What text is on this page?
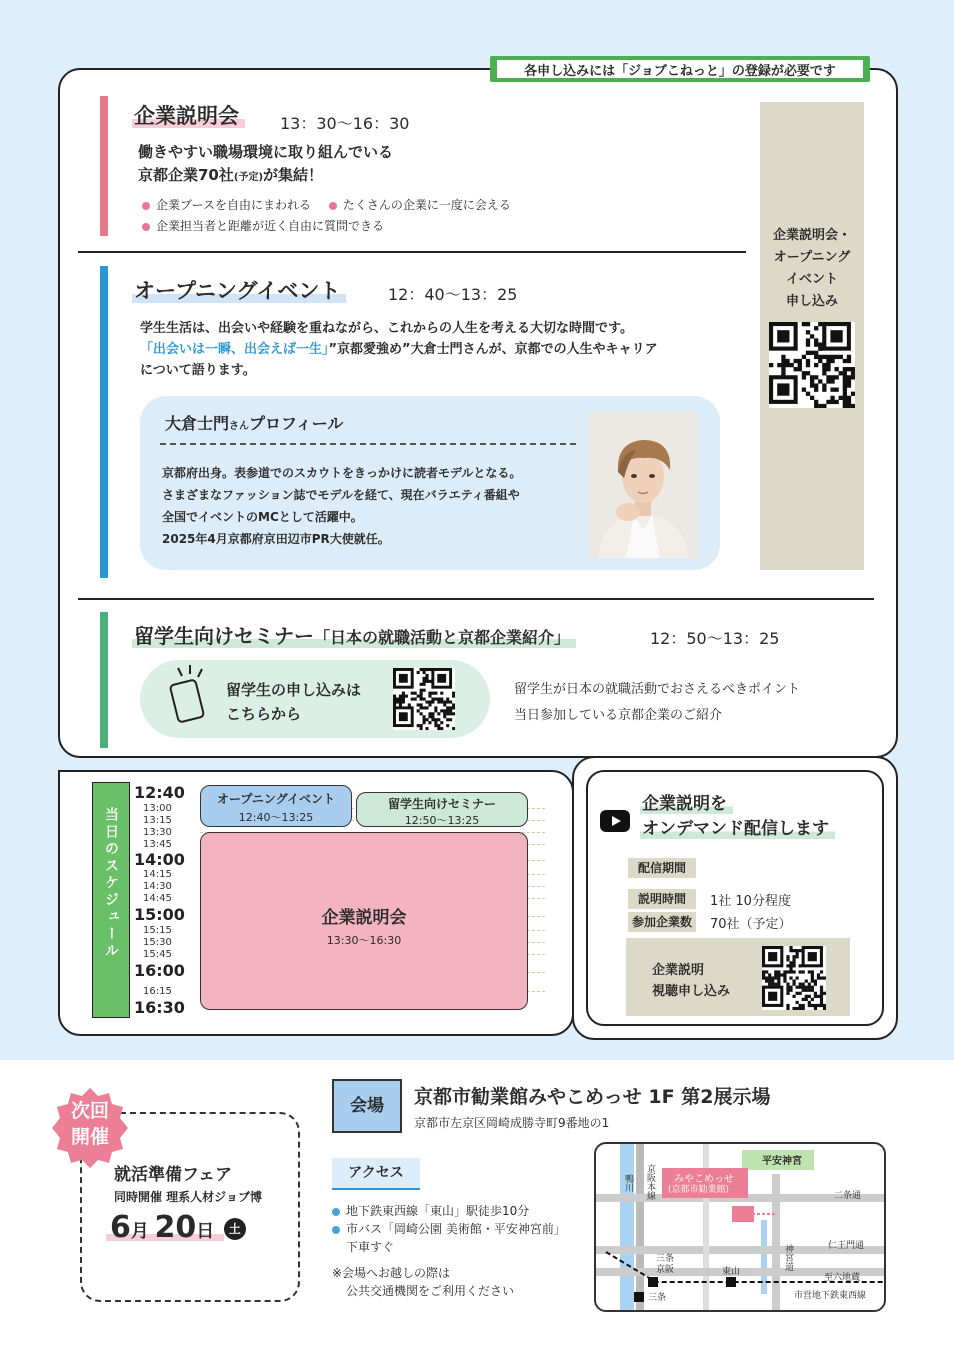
各申し込みには「ジョブこねっと」の登録が必要です
企業説明会	13：30〜16：30
働きやすい職場環境に取り組んでいる
京都企業70社(予定)が集結！
企業ブースを自由にまわれる	たくさんの企業に一度に会える
企業担当者と距離が近く自由に質問できる
企業説明会・
オープニング
イベント
申し込み
オープニングイベント	12：40〜13：25
学生生活は、出会いや経験を重ねながら、これからの人生を考える大切な時間です。
「出会いは一瞬、出会えば一生」”京都愛強め”大倉士門さんが、京都での人生やキャリア
について語ります。
大倉士門さんプロフィール
京都府出身。表参道でのスカウトをきっかけに読者モデルとなる。
さまざまなファッション誌でモデルを経て、現在バラエティ番組や
全国でイベントのMCとして活躍中。
2025年4月京都府京田辺市PR大使就任。
留学生向けセミナー「日本の就職活動と京都企業紹介」	12：50〜13：25
留学生の申し込みは
こちらから
留学生が日本の就職活動でおさえるべきポイント
当日参加している京都企業のご紹介
当日のスケジュール
12:40
14:00
15:00
16:00
16:30
13:00
13:15
13:30
13:45
14:15
14:30
14:45
15:15
15:30
15:45
16:15
オープニングイベント
12:40〜13:25
留学生向けセミナー
12:50〜13:25
企業説明会
13:30〜16:30
企業説明を
オンデマンド配信します
配信期間
説明時間	1社 10分程度
参加企業数	70社（予定）
企業説明
視聴申し込み
次回
開催
就活準備フェア
同時開催 理系人材ジョブ博
6月 20日 土
会場	京都市勧業館みやこめっせ 1F 第2展示場
京都市左京区岡崎成勝寺町9番地の1
アクセス
地下鉄東西線「東山」駅徒歩10分
市バス「岡崎公園 美術館・平安神宮前」
下車すぐ
※会場へお越しの際は
公共交通機関をご利用ください
平安神宮
みやこめっせ
(京都市勧業館)
鴨川 京阪本線	二条通
神宮道	仁王門通
三条京阪	東山
至六地蔵
三条	市営地下鉄東西線
